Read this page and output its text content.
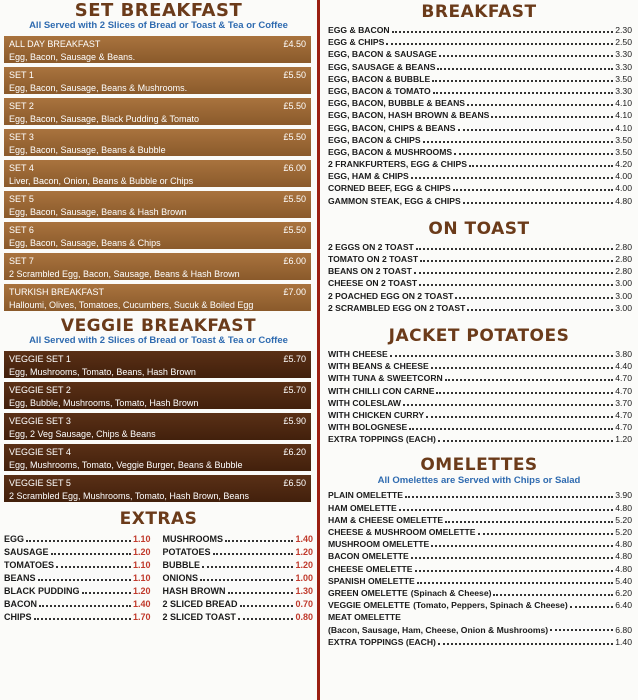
SET BREAKFAST
All Served with 2 Slices of Bread or Toast & Tea or Coffee
ALL DAY BREAKFAST
Egg, Bacon, Sausage & Beans.
£4.50
SET 1
Egg, Bacon, Sausage, Beans & Mushrooms.
£5.50
SET 2
Egg, Bacon, Sausage, Black Pudding & Tomato
£5.50
SET 3
Egg, Bacon, Sausage, Beans & Bubble
£5.50
SET 4
Liver, Bacon, Onion, Beans & Bubble or Chips
£6.00
SET 5
Egg, Bacon, Sausage, Beans & Hash Brown
£5.50
SET 6
Egg, Bacon, Sausage, Beans & Chips
£5.50
SET 7
2 Scrambled Egg, Bacon, Sausage, Beans & Hash Brown
£6.00
TURKISH BREAKFAST
Halloumi, Olives, Tomatoes, Cucumbers, Sucuk & Boiled Egg
£7.00
VEGGIE BREAKFAST
All Served with 2 Slices of Bread or Toast & Tea or Coffee
VEGGIE SET 1
Egg, Mushrooms, Tomato, Beans, Hash Brown
£5.70
VEGGIE SET 2
Egg, Bubble, Mushrooms, Tomato, Hash Brown
£5.70
VEGGIE SET 3
Egg, 2 Veg Sausage, Chips & Beans
£5.90
VEGGIE SET 4
Egg, Mushrooms, Tomato, Veggie Burger, Beans & Bubble
£6.20
VEGGIE SET 5
2 Scrambled Egg, Mushrooms, Tomato, Hash Brown, Beans
£6.50
EXTRAS
EGG	1.10
SAUSAGE	1.20
TOMATOES	1.10
BEANS	1.10
BLACK PUDDING	1.20
BACON	1.40
CHIPS	1.70
MUSHROOMS	1.40
POTATOES	1.20
BUBBLE	1.20
ONIONS	1.00
HASH BROWN	1.30
2 SLICED BREAD	0.70
2 SLICED TOAST	0.80
BREAKFAST
EGG & BACON	2.30
EGG & CHIPS	2.50
EGG, BACON & SAUSAGE	3.30
EGG, SAUSAGE & BEANS	3.30
EGG, BACON & BUBBLE	3.50
EGG, BACON & TOMATO	3.30
EGG, BACON, BUBBLE & BEANS	4.10
EGG, BACON, HASH BROWN & BEANS	4.10
EGG, BACON, CHIPS & BEANS	4.10
EGG, BACON & CHIPS	3.50
EGG, BACON & MUSHROOMS	3.50
2 FRANKFURTERS, EGG & CHIPS	4.20
EGG, HAM & CHIPS	4.00
CORNED BEEF, EGG & CHIPS	4.00
GAMMON STEAK, EGG & CHIPS	4.80
ON TOAST
2 EGGS ON 2 TOAST	2.80
TOMATO ON 2 TOAST	2.80
BEANS ON 2 TOAST	2.80
CHEESE ON 2 TOAST	3.00
2 POACHED EGG ON 2 TOAST	3.00
2 SCRAMBLED EGG ON 2 TOAST	3.00
JACKET POTATOES
WITH CHEESE	3.80
WITH BEANS & CHEESE	4.40
WITH TUNA & SWEETCORN	4.70
WITH CHILLI CON CARNE	4.70
WITH COLESLAW	3.70
WITH CHICKEN CURRY	4.70
WITH BOLOGNESE	4.70
EXTRA TOPPINGS (EACH)	1.20
OMELETTES
All Omelettes are Served with Chips or Salad
PLAIN OMELETTE	3.90
HAM OMELETTE	4.80
HAM & CHEESE OMELETTE	5.20
CHEESE & MUSHROOM OMELETTE	5.20
MUSHROOM OMELETTE	4.80
BACON OMELETTE	4.80
CHEESE OMELETTE	4.80
SPANISH OMELETTE	5.40
GREEN OMELETTE (Spinach & Cheese)	6.20
VEGGIE OMELETTE (Tomato, Peppers, Spinach & Cheese)	6.40
MEAT OMELETTE
(Bacon, Sausage, Ham, Cheese, Onion & Mushrooms)	6.80
EXTRA TOPPINGS (EACH)	1.40
